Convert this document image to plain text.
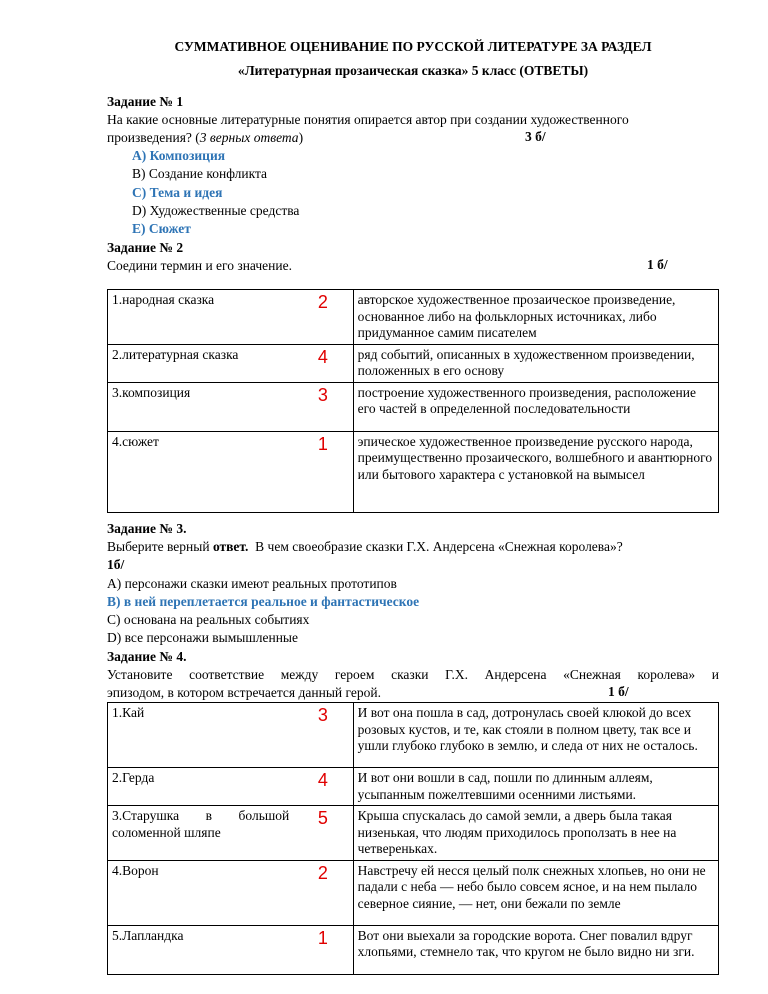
СУММАТИВНОЕ ОЦЕНИВАНИЕ ПО РУССКОЙ ЛИТЕРАТУРЕ ЗА РАЗДЕЛ
«Литературная прозаическая сказка» 5 класс (ОТВЕТЫ)
Задание № 1
На какие основные литературные понятия опирается автор при создании художественного
произведения? (3 верных ответа)	3 б/
A) Композиция
B) Создание конфликта
C) Тема и идея
D) Художественные средства
E) Сюжет
Задание № 2
Соедини термин и его значение.	1 б/
1.народная сказка	2	авторское художественное прозаическое произведение, основанное либо на фольклорных источниках, либо придуманное самим писателем
2.литературная сказка	4	ряд событий, описанных в художественном произведении, положенных в его основу
3.композиция	3	построение художественного произведения, расположение его частей в определенной последовательности
4.сюжет	1	эпическое художественное произведение русского народа, преимущественно прозаического, волшебного и авантюрного или бытового характера с установкой на вымысел
Задание № 3.
Выберите верный ответ.  В чем своеобразие сказки Г.Х. Андерсена «Снежная королева»?
1б/
А) персонажи сказки имеют реальных прототипов
В) в ней переплетается реальное и фантастическое
С) основана на реальных событиях
D) все персонажи вымышленные
Задание № 4.
Установите соответствие между героем сказки Г.Х. Андерсена «Снежная королева» и
эпизодом, в котором встречается данный герой.	1 б/
1.Кай	3	И вот она пошла в сад, дотронулась своей клюкой до всех розовых кустов, и те, как стояли в полном цвету, так все и ушли глубоко глубоко в землю, и следа от них не осталось.
2.Герда	4	И вот они вошли в сад, пошли по длинным аллеям, усыпанным пожелтевшими осенними листьями.
3.Старушка в большой соломенной шляпе	5	Крыша спускалась до самой земли, а дверь была такая низенькая, что людям приходилось проползать в нее на четвереньках.
4.Ворон	2	Навстречу ей несся целый полк снежных хлопьев, но они не падали с неба — небо было совсем ясное, и на нем пылало северное сияние, — нет, они бежали по земле
5.Лапландка	1	Вот они выехали за городские ворота. Снег повалил вдруг хлопьями, стемнело так, что кругом не было видно ни зги.
